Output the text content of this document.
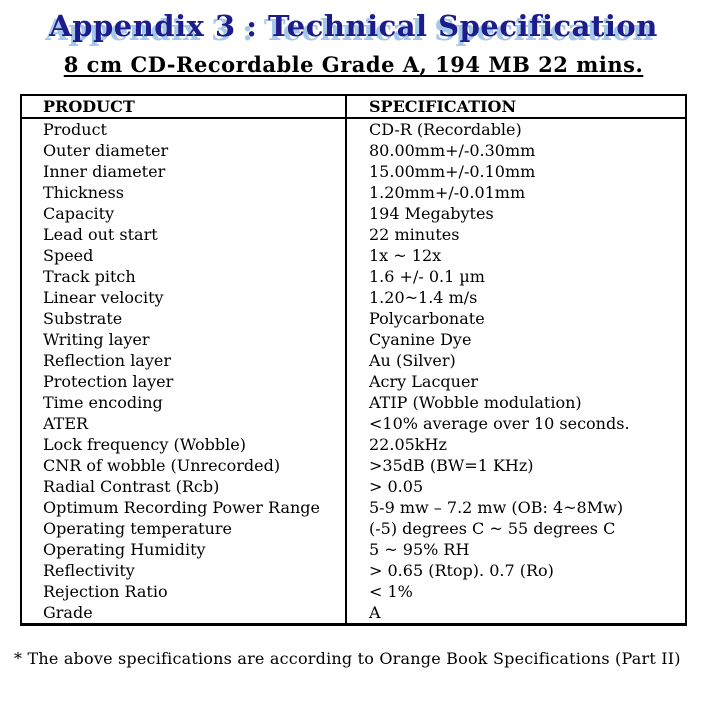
Appendix 3 : Technical Specification
8 cm CD-Recordable Grade A, 194 MB 22 mins.
PRODUCT	SPECIFICATION
Product	CD-R (Recordable)
Outer diameter	80.00mm+/-0.30mm
Inner diameter	15.00mm+/-0.10mm
Thickness	1.20mm+/-0.01mm
Capacity	194 Megabytes
Lead out start	22 minutes
Speed	1x ~ 12x
Track pitch	1.6 +/- 0.1 µm
Linear velocity	1.20~1.4 m/s
Substrate	Polycarbonate
Writing layer	Cyanine Dye
Reflection layer	Au (Silver)
Protection layer	Acry Lacquer
Time encoding	ATIP (Wobble modulation)
ATER	<10% average over 10 seconds.
Lock frequency (Wobble)	22.05kHz
CNR of wobble (Unrecorded)	>35dB (BW=1 KHz)
Radial Contrast (Rcb)	> 0.05
Optimum Recording Power Range	5-9 mw – 7.2 mw (OB: 4~8Mw)
Operating temperature	(-5) degrees C ~ 55 degrees C
Operating Humidity	5 ~ 95% RH
Reflectivity	> 0.65 (Rtop). 0.7 (Ro)
Rejection Ratio	< 1%
Grade	A
* The above specifications are according to Orange Book Specifications (Part II)
